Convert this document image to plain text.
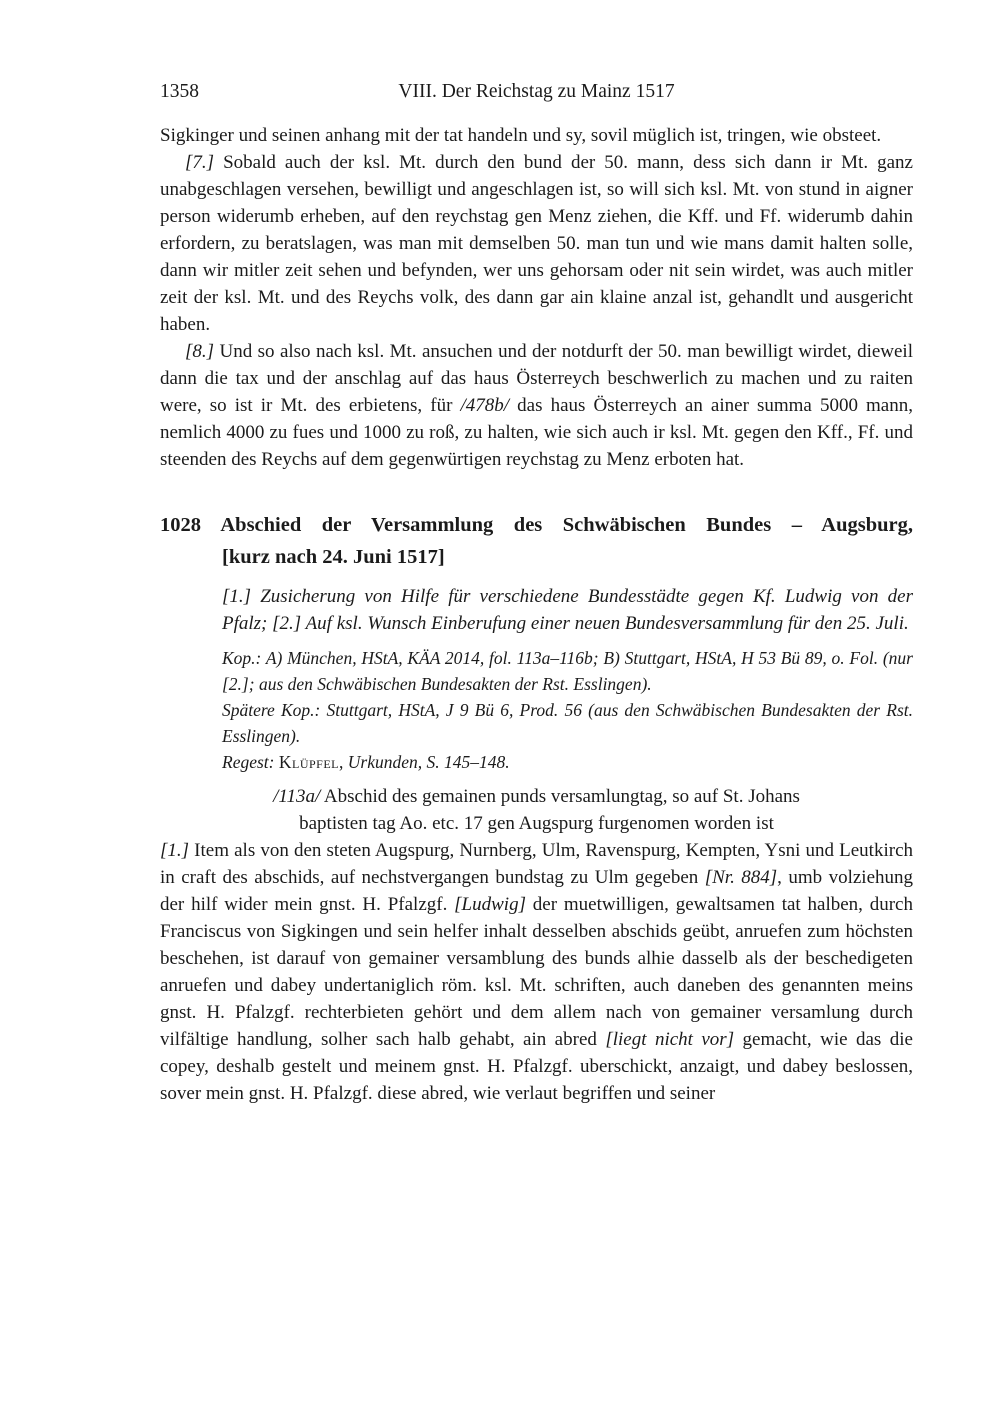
1358	VIII. Der Reichstag zu Mainz 1517

Sigkinger und seinen anhang mit der tat handeln und sy, sovil müglich ist, tringen, wie obsteet.

[7.] Sobald auch der ksl. Mt. durch den bund der 50. mann, dess sich dann ir Mt. ganz unabgeschlagen versehen, bewilligt und angeschlagen ist, so will sich ksl. Mt. von stund in aigner person widerumb erheben, auf den reychstag gen Menz ziehen, die Kff. und Ff. widerumb dahin erfordern, zu beratslagen, was man mit demselben 50. man tun und wie mans damit halten solle, dann wir mitler zeit sehen und befynden, wer uns gehorsam oder nit sein wirdet, was auch mitler zeit der ksl. Mt. und des Reychs volk, des dann gar ain klaine anzal ist, gehandlt und ausgericht haben.

[8.] Und so also nach ksl. Mt. ansuchen und der notdurft der 50. man bewilligt wirdet, dieweil dann die tax und der anschlag auf das haus Österreych beschwerlich zu machen und zu raiten were, so ist ir Mt. des erbietens, für /478b/ das haus Österreych an ainer summa 5000 mann, nemlich 4000 zu fues und 1000 zu roß, zu halten, wie sich auch ir ksl. Mt. gegen den Kff., Ff. und steenden des Reychs auf dem gegenwürtigen reychstag zu Menz erboten hat.

1028 Abschied der Versammlung des Schwäbischen Bundes – Augsburg,
[kurz nach 24. Juni 1517]

[1.] Zusicherung von Hilfe für verschiedene Bundesstädte gegen Kf. Ludwig von der Pfalz; [2.] Auf ksl. Wunsch Einberufung einer neuen Bundesversammlung für den 25. Juli.

Kop.: A) München, HStA, KÄA 2014, fol. 113a–116b; B) Stuttgart, HStA, H 53 Bü 89, o. Fol. (nur [2.]; aus den Schwäbischen Bundesakten der Rst. Esslingen).

Spätere Kop.: Stuttgart, HStA, J 9 Bü 6, Prod. 56 (aus den Schwäbischen Bundesakten der Rst. Esslingen).

Regest: Klüpfel, Urkunden, S. 145–148.

/113a/ Abschid des gemainen punds versamlungtag, so auf St. Johans
baptisten tag Ao. etc. 17 gen Augspurg furgenomen worden ist

[1.] Item als von den steten Augspurg, Nurnberg, Ulm, Ravenspurg, Kempten, Ysni und Leutkirch in craft des abschids, auf nechstvergangen bundstag zu Ulm gegeben [Nr. 884], umb volziehung der hilf wider mein gnst. H. Pfalzgf. [Ludwig] der muetwilligen, gewaltsamen tat halben, durch Franciscus von Sigkingen und sein helfer inhalt desselben abschids geübt, anruefen zum höchsten beschehen, ist darauf von gemainer versamblung des bunds alhie dasselb als der beschedigeten anruefen und dabey undertaniglich röm. ksl. Mt. schriften, auch daneben des genannten meins gnst. H. Pfalzgf. rechterbieten gehört und dem allem nach von gemainer versamlung durch vilfältige handlung, solher sach halb gehabt, ain abred [liegt nicht vor] gemacht, wie das die copey, deshalb gestelt und meinem gnst. H. Pfalzgf. uberschickt, anzaigt, und dabey beslossen, sover mein gnst. H. Pfalzgf. diese abred, wie verlaut begriffen und seiner
